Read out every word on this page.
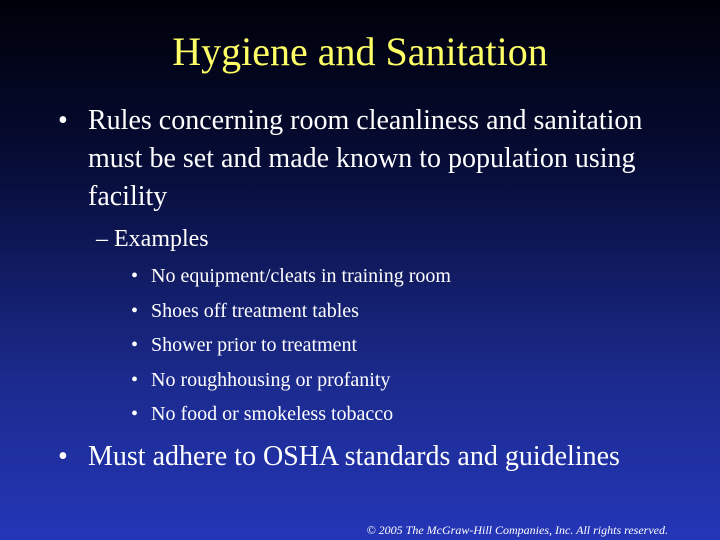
Hygiene and Sanitation
• Rules concerning room cleanliness and sanitation must be set and made known to population using facility
– Examples
• No equipment/cleats in training room
• Shoes off treatment tables
• Shower prior to treatment
• No roughhousing or profanity
• No food or smokeless tobacco
• Must adhere to OSHA standards and guidelines
© 2005 The McGraw-Hill Companies, Inc. All rights reserved.
